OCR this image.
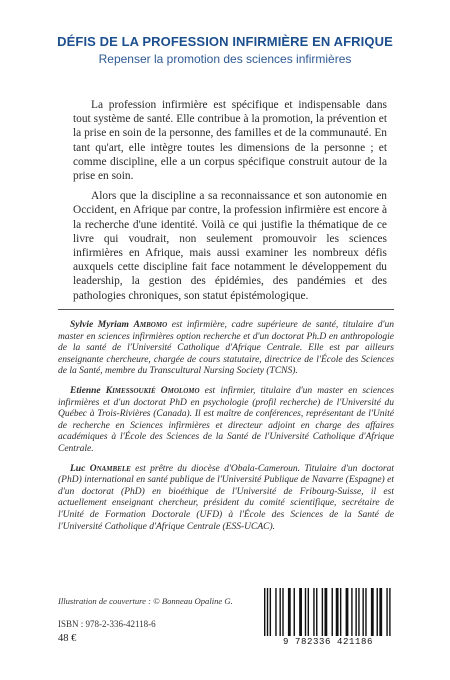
DÉFIS DE LA PROFESSION INFIRMIÈRE EN AFRIQUE
Repenser la promotion des sciences infirmières

La profession infirmière est spécifique et indispensable dans tout système de santé. Elle contribue à la promotion, la prévention et la prise en soin de la personne, des familles et de la communauté. En tant qu'art, elle intègre toutes les dimensions de la personne ; et comme discipline, elle a un corpus spécifique construit autour de la prise en soin.

Alors que la discipline a sa reconnaissance et son autonomie en Occident, en Afrique par contre, la profession infirmière est encore à la recherche d'une identité. Voilà ce qui justifie la thématique de ce livre qui voudrait, non seulement promouvoir les sciences infirmières en Afrique, mais aussi examiner les nombreux défis auxquels cette discipline fait face notamment le développement du leadership, la gestion des épidémies, des pandémies et des pathologies chroniques, son statut épistémologique.

Sylvie Myriam Ambomo est infirmière, cadre supérieure de santé, titulaire d'un master en sciences infirmières option recherche et d'un doctorat Ph.D en anthropologie de la santé de l'Université Catholique d'Afrique Centrale. Elle est par ailleurs enseignante chercheure, chargée de cours statutaire, directrice de l'École des Sciences de la Santé, membre du Transcultural Nursing Society (TCNS).

Etienne Kimessoukié Omolomo est infirmier, titulaire d'un master en sciences infirmières et d'un doctorat PhD en psychologie (profil recherche) de l'Université du Québec à Trois-Rivières (Canada). Il est maître de conférences, représentant de l'Unité de recherche en Sciences infirmières et directeur adjoint en charge des affaires académiques à l'École des Sciences de la Santé de l'Université Catholique d'Afrique Centrale.

Luc Onambele est prêtre du diocèse d'Obala-Cameroun. Titulaire d'un doctorat (PhD) international en santé publique de l'Université Publique de Navarre (Espagne) et d'un doctorat (PhD) en bioéthique de l'Université de Fribourg-Suisse, il est actuellement enseignant chercheur, président du comité scientifique, secrétaire de l'Unité de Formation Doctorale (UFD) à l'École des Sciences de la Santé de l'Université Catholique d'Afrique Centrale (ESS-UCAC).

Illustration de couverture : © Bonneau Opaline G.
ISBN : 978-2-336-42118-6
48 €	9 782336 421186
